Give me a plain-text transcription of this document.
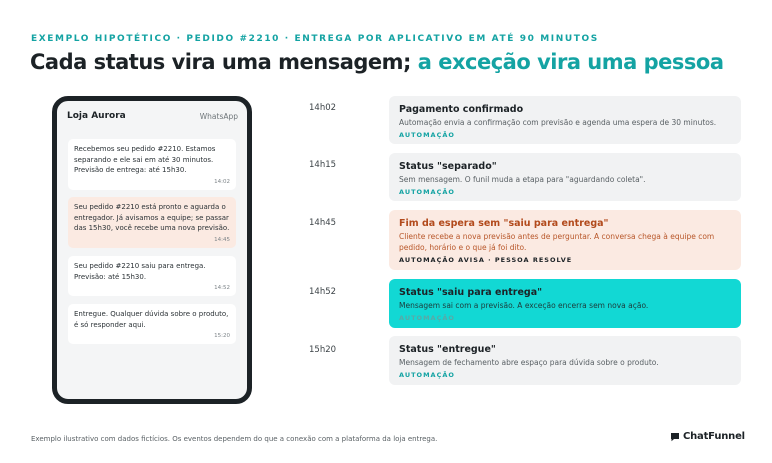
EXEMPLO HIPOTÉTICO · PEDIDO #2210 · ENTREGA POR APLICATIVO EM ATÉ 90 MINUTOS
Cada status vira uma mensagem; a exceção vira uma pessoa
Loja Aurora	WhatsApp
Recebemos seu pedido #2210. Estamos separando e ele sai em até 30 minutos. Previsão de entrega: até 15h30.
14:02
Seu pedido #2210 está pronto e aguarda o entregador. Já avisamos a equipe; se passar das 15h30, você recebe uma nova previsão.
14:45
Seu pedido #2210 saiu para entrega. Previsão: até 15h30.
14:52
Entregue. Qualquer dúvida sobre o produto, é só responder aqui.
15:20
14h02	Pagamento confirmado
Automação envia a confirmação com previsão e agenda uma espera de 30 minutos.
AUTOMAÇÃO
14h15	Status "separado"
Sem mensagem. O funil muda a etapa para "aguardando coleta".
AUTOMAÇÃO
14h45	Fim da espera sem "saiu para entrega"
Cliente recebe a nova previsão antes de perguntar. A conversa chega à equipe com pedido, horário e o que já foi dito.
AUTOMAÇÃO AVISA · PESSOA RESOLVE
14h52	Status "saiu para entrega"
Mensagem sai com a previsão. A exceção encerra sem nova ação.
AUTOMAÇÃO
15h20	Status "entregue"
Mensagem de fechamento abre espaço para dúvida sobre o produto.
AUTOMAÇÃO
Exemplo ilustrativo com dados fictícios. Os eventos dependem do que a conexão com a plataforma da loja entrega.	ChatFunnel
